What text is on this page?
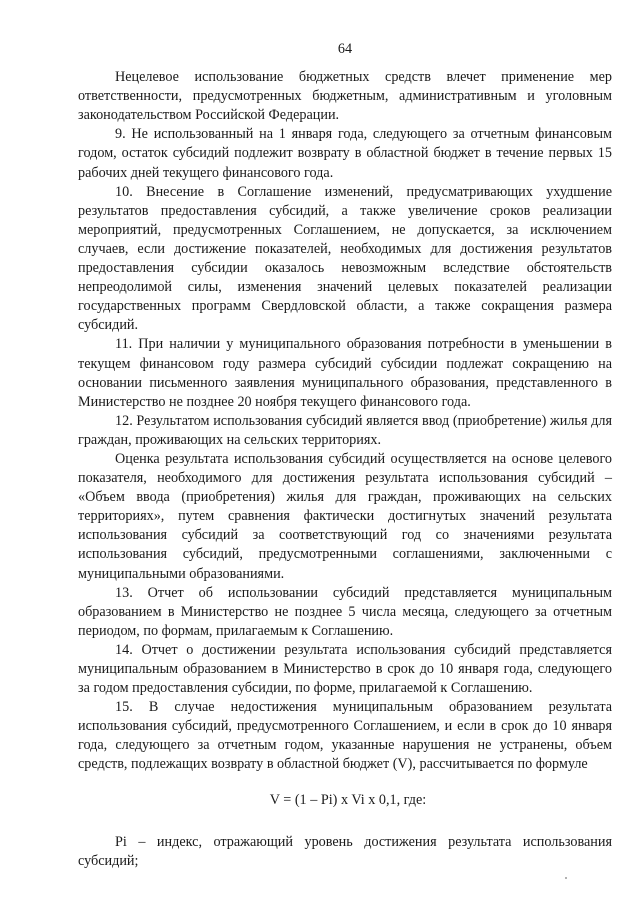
64

Нецелевое использование бюджетных средств влечет применение мер ответственности, предусмотренных бюджетным, административным и уголовным законодательством Российской Федерации.

9. Не использованный на 1 января года, следующего за отчетным финансовым годом, остаток субсидий подлежит возврату в областной бюджет в течение первых 15 рабочих дней текущего финансового года.

10. Внесение в Соглашение изменений, предусматривающих ухудшение результатов предоставления субсидий, а также увеличение сроков реализации мероприятий, предусмотренных Соглашением, не допускается, за исключением случаев, если достижение показателей, необходимых для достижения результатов предоставления субсидии оказалось невозможным вследствие обстоятельств непреодолимой силы, изменения значений целевых показателей реализации государственных программ Свердловской области, а также сокращения размера субсидий.

11. При наличии у муниципального образования потребности в уменьшении в текущем финансовом году размера субсидий субсидии подлежат сокращению на основании письменного заявления муниципального образования, представленного в Министерство не позднее 20 ноября текущего финансового года.

12. Результатом использования субсидий является ввод (приобретение) жилья для граждан, проживающих на сельских территориях.

Оценка результата использования субсидий осуществляется на основе целевого показателя, необходимого для достижения результата использования субсидий – «Объем ввода (приобретения) жилья для граждан, проживающих на сельских территориях», путем сравнения фактически достигнутых значений результата использования субсидий за соответствующий год со значениями результата использования субсидий, предусмотренными соглашениями, заключенными с муниципальными образованиями.

13. Отчет об использовании субсидий представляется муниципальным образованием в Министерство не позднее 5 числа месяца, следующего за отчетным периодом, по формам, прилагаемым к Соглашению.

14. Отчет о достижении результата использования субсидий представляется муниципальным образованием в Министерство в срок до 10 января года, следующего за годом предоставления субсидии, по форме, прилагаемой к Соглашению.

15. В случае недостижения муниципальным образованием результата использования субсидий, предусмотренного Соглашением, и если в срок до 10 января года, следующего за отчетным годом, указанные нарушения не устранены, объем средств, подлежащих возврату в областной бюджет (V), рассчитывается по формуле

V = (1 – Pi) x Vi x 0,1, где:

Pi – индекс, отражающий уровень достижения результата использования субсидий;
